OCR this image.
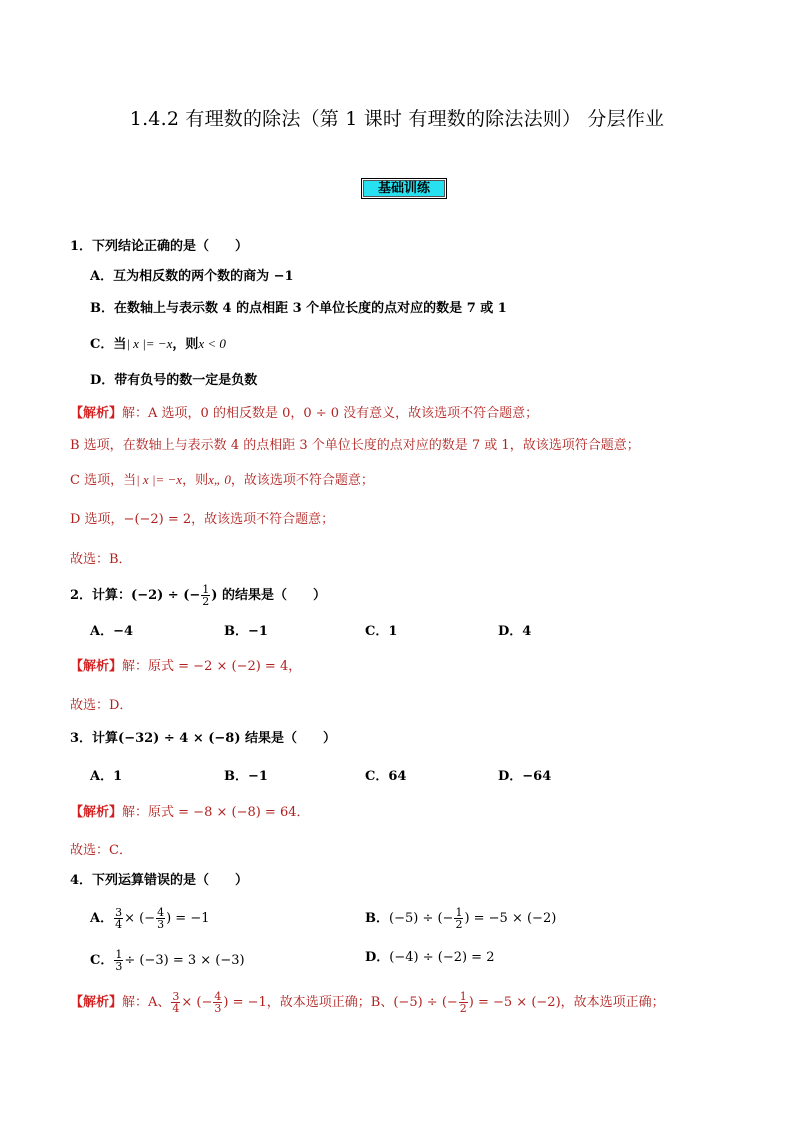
1.4.2 有理数的除法（第 1 课时 有理数的除法法则） 分层作业
基础训练
1．下列结论正确的是（　　）
A．互为相反数的两个数的商为 −1
B．在数轴上与表示数 4 的点相距 3 个单位长度的点对应的数是 7 或 1
C．当| x |= −x，则x < 0
D．带有负号的数一定是负数
【解析】解：A 选项，0 的相反数是 0，0 ÷ 0 没有意义，故该选项不符合题意；
B 选项，在数轴上与表示数 4 的点相距 3 个单位长度的点对应的数是 7 或 1，故该选项符合题意；
C 选项，当| x |= −x，则x„ 0，故该选项不符合题意；
D 选项，−(−2) = 2，故该选项不符合题意；
故选：B．
2．计算：(−2) ÷ (− $\frac{1}{2}$ ) 的结果是（　　）
A．−4	B．−1	C．1	D．4
【解析】解：原式 = −2 × (−2) = 4，
故选：D．
3．计算(−32) ÷ 4 × (−8) 结果是（　　）
A．1	B．−1	C．64	D．−64
【解析】解：原式 = −8 × (−8) = 64．
故选：C．
4．下列运算错误的是（　　）
A． $\frac{3}{4}$ × (− $\frac{4}{3}$ ) = −1	B．(−5) ÷ (− $\frac{1}{2}$ ) = −5 × (−2)
C． $\frac{1}{3} \div (-3) = 3 \times (-3)$	D．(−4) ÷ (−2) = 2
【解析】解：A、 $\frac{3}{4}$ × (− $\frac{4}{3}$ ) = −1，故本选项正确；B、(−5) ÷ (− $\frac{1}{2}$ ) = −5 × (−2)，故本选项正确；
